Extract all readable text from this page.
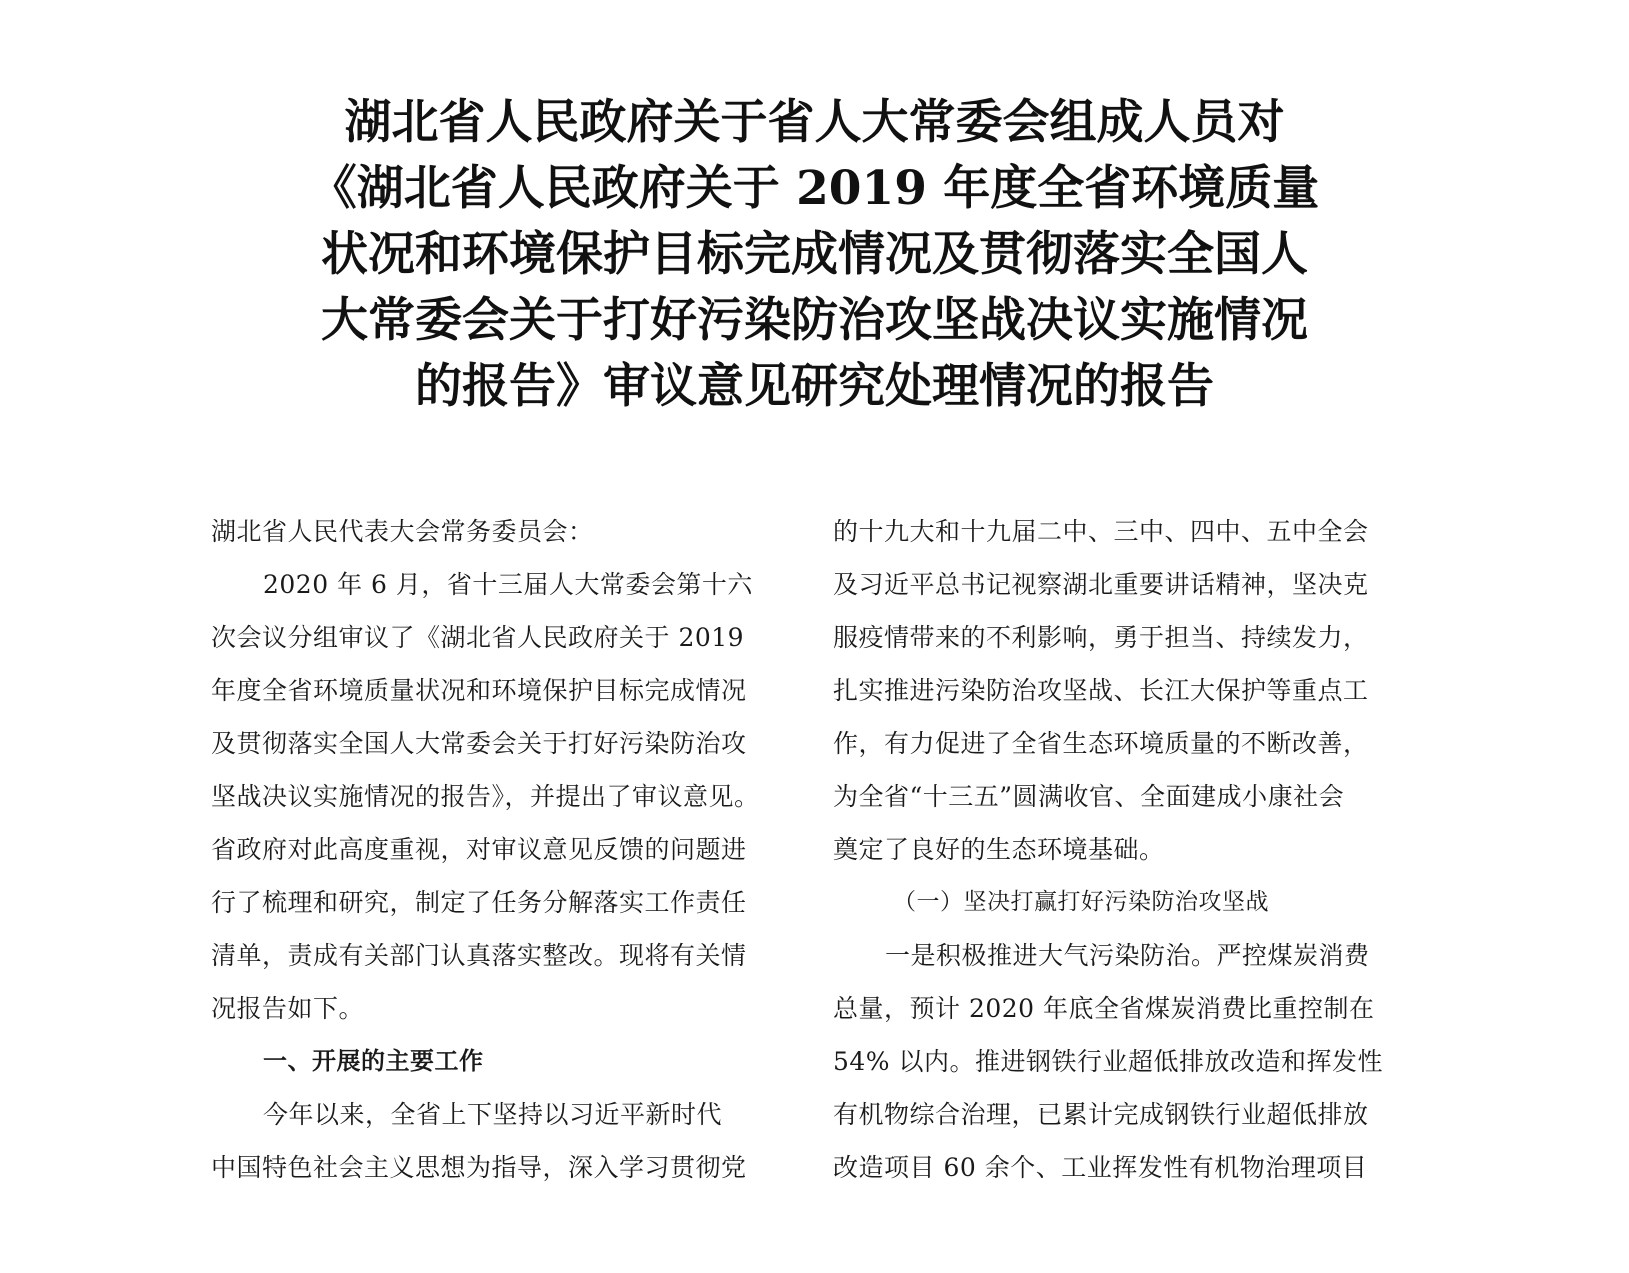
湖北省人民政府关于省人大常委会组成人员对
《湖北省人民政府关于 2019 年度全省环境质量
状况和环境保护目标完成情况及贯彻落实全国人
大常委会关于打好污染防治攻坚战决议实施情况
的报告》审议意见研究处理情况的报告
湖北省人民代表大会常务委员会：
2020 年 6 月，省十三届人大常委会第十六
次会议分组审议了《湖北省人民政府关于 2019
年度全省环境质量状况和环境保护目标完成情况
及贯彻落实全国人大常委会关于打好污染防治攻
坚战决议实施情况的报告》，并提出了审议意见。
省政府对此高度重视，对审议意见反馈的问题进
行了梳理和研究，制定了任务分解落实工作责任
清单，责成有关部门认真落实整改。现将有关情
况报告如下。
一、开展的主要工作
今年以来，全省上下坚持以习近平新时代
中国特色社会主义思想为指导，深入学习贯彻党
的十九大和十九届二中、三中、四中、五中全会
及习近平总书记视察湖北重要讲话精神，坚决克
服疫情带来的不利影响，勇于担当、持续发力，
扎实推进污染防治攻坚战、长江大保护等重点工
作，有力促进了全省生态环境质量的不断改善，
为全省“十三五”圆满收官、全面建成小康社会
奠定了良好的生态环境基础。
（一）坚决打赢打好污染防治攻坚战
一是积极推进大气污染防治。严控煤炭消费
总量，预计 2020 年底全省煤炭消费比重控制在
54% 以内。推进钢铁行业超低排放改造和挥发性
有机物综合治理，已累计完成钢铁行业超低排放
改造项目 60 余个、工业挥发性有机物治理项目
